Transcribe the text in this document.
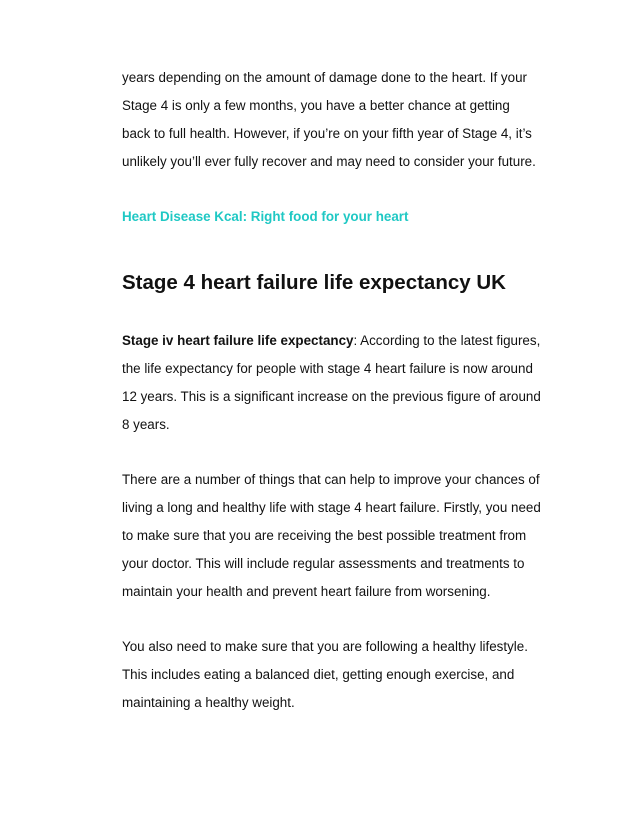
years depending on the amount of damage done to the heart. If your

Stage 4 is only a few months, you have a better chance at getting

back to full health. However, if you’re on your fifth year of Stage 4, it’s

unlikely you’ll ever fully recover and may need to consider your future.

Heart Disease Kcal: Right food for your heart
Stage 4 heart failure life expectancy UK

Stage iv heart failure life expectancy: According to the latest figures,

the life expectancy for people with stage 4 heart failure is now around

12 years. This is a significant increase on the previous figure of around

8 years.

There are a number of things that can help to improve your chances of

living a long and healthy life with stage 4 heart failure. Firstly, you need

to make sure that you are receiving the best possible treatment from

your doctor. This will include regular assessments and treatments to

maintain your health and prevent heart failure from worsening.

You also need to make sure that you are following a healthy lifestyle.

This includes eating a balanced diet, getting enough exercise, and

maintaining a healthy weight.
